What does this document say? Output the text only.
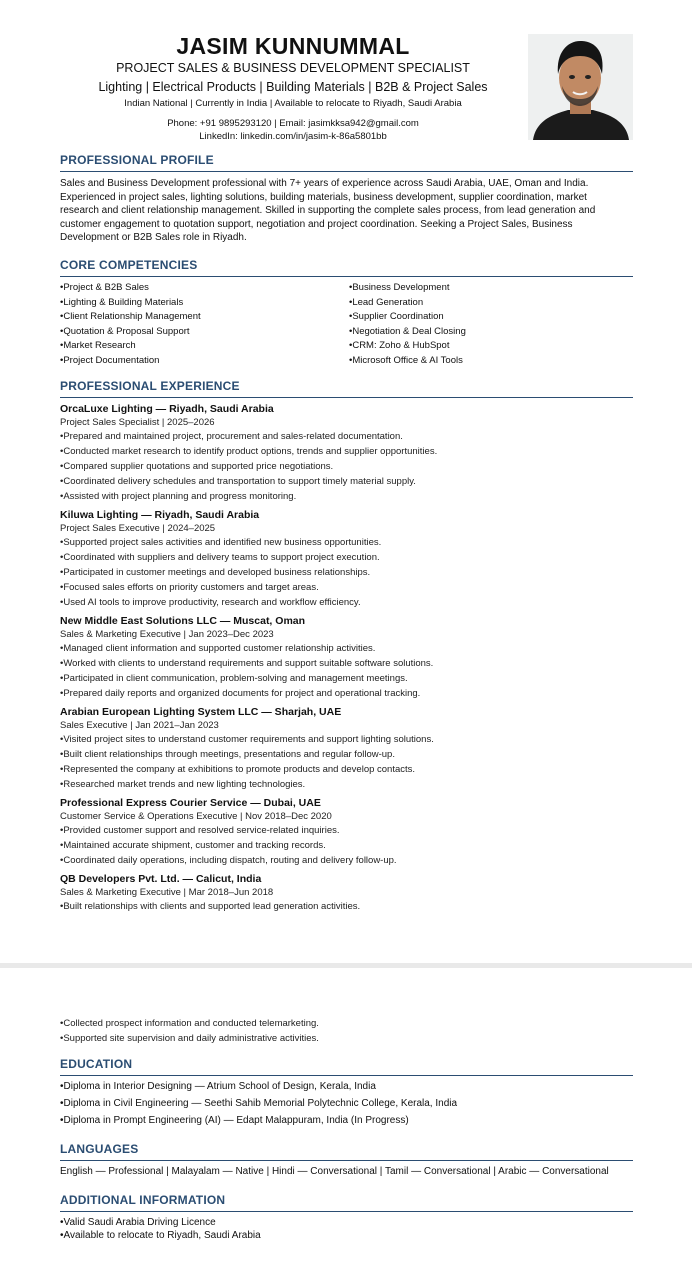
JASIM KUNNUMMAL
PROJECT SALES & BUSINESS DEVELOPMENT SPECIALIST
Lighting | Electrical Products | Building Materials | B2B & Project Sales
Indian National | Currently in India | Available to relocate to Riyadh, Saudi Arabia
Phone: +91 9895293120 | Email: jasimkksa942@gmail.com
LinkedIn: linkedin.com/in/jasim-k-86a5801bb
PROFESSIONAL PROFILE
Sales and Business Development professional with 7+ years of experience across Saudi Arabia, UAE, Oman and India. Experienced in project sales, lighting solutions, building materials, business development, supplier coordination, market research and client relationship management. Skilled in supporting the complete sales process, from lead generation and customer engagement to quotation support, negotiation and project coordination. Seeking a Project Sales, Business Development or B2B Sales role in Riyadh.
CORE COMPETENCIES
• Project & B2B Sales
• Lighting & Building Materials
• Client Relationship Management
• Quotation & Proposal Support
• Market Research
• Project Documentation
• Business Development
• Lead Generation
• Supplier Coordination
• Negotiation & Deal Closing
• CRM: Zoho & HubSpot
• Microsoft Office & AI Tools
PROFESSIONAL EXPERIENCE
OrcaLuxe Lighting — Riyadh, Saudi Arabia
Project Sales Specialist | 2025–2026
• Prepared and maintained project, procurement and sales-related documentation.
• Conducted market research to identify product options, trends and supplier opportunities.
• Compared supplier quotations and supported price negotiations.
• Coordinated delivery schedules and transportation to support timely material supply.
• Assisted with project planning and progress monitoring.
Kiluwa Lighting — Riyadh, Saudi Arabia
Project Sales Executive | 2024–2025
• Supported project sales activities and identified new business opportunities.
• Coordinated with suppliers and delivery teams to support project execution.
• Participated in customer meetings and developed business relationships.
• Focused sales efforts on priority customers and target areas.
• Used AI tools to improve productivity, research and workflow efficiency.
New Middle East Solutions LLC — Muscat, Oman
Sales & Marketing Executive | Jan 2023–Dec 2023
• Managed client information and supported customer relationship activities.
• Worked with clients to understand requirements and support suitable software solutions.
• Participated in client communication, problem-solving and management meetings.
• Prepared daily reports and organized documents for project and operational tracking.
Arabian European Lighting System LLC — Sharjah, UAE
Sales Executive | Jan 2021–Jan 2023
• Visited project sites to understand customer requirements and support lighting solutions.
• Built client relationships through meetings, presentations and regular follow-up.
• Represented the company at exhibitions to promote products and develop contacts.
• Researched market trends and new lighting technologies.
Professional Express Courier Service — Dubai, UAE
Customer Service & Operations Executive | Nov 2018–Dec 2020
• Provided customer support and resolved service-related inquiries.
• Maintained accurate shipment, customer and tracking records.
• Coordinated daily operations, including dispatch, routing and delivery follow-up.
QB Developers Pvt. Ltd. — Calicut, India
Sales & Marketing Executive | Mar 2018–Jun 2018
• Built relationships with clients and supported lead generation activities.
• Collected prospect information and conducted telemarketing.
• Supported site supervision and daily administrative activities.
EDUCATION
• Diploma in Interior Designing — Atrium School of Design, Kerala, India
• Diploma in Civil Engineering — Seethi Sahib Memorial Polytechnic College, Kerala, India
• Diploma in Prompt Engineering (AI) — Edapt Malappuram, India (In Progress)
LANGUAGES
English — Professional | Malayalam — Native | Hindi — Conversational | Tamil — Conversational | Arabic — Conversational
ADDITIONAL INFORMATION
• Valid Saudi Arabia Driving Licence
• Available to relocate to Riyadh, Saudi Arabia
